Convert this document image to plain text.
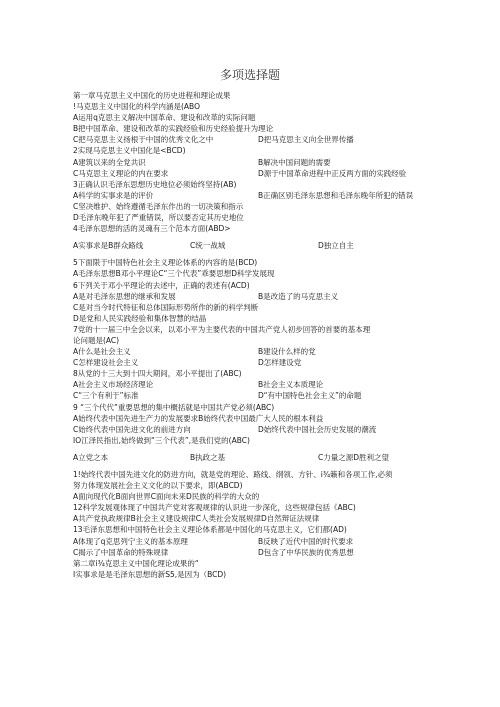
多项选择题
第一章马克思主义中国化的历史进程和理论成果
!马克思主义中国化的科学内涵是(ABO
A运用q克思主义解决中国革命、建设和改革的实际问题
B把中国革命、建设和改革的实践经验和历史经验提升为理论
C把马克思主义扬根于中国的优秀文化之中	D把马克思主义向全世界传播
2实现马克思主义中国化是<BCD)
A建筑以来的全党共识	B解决中国问题的需要
C马克思主义理论的内在要求	D源于中国革命进程中正反两方面的实践经验
3正确认识毛泽东思想历史地位必须始终坚持(AB)
A科学的实事求是的评价	B正确区别毛泽东思想和毛泽东晚年所犯的错误
C坚决维护、始终遵循毛泽东作出的一切决策和指示
D毛泽东晚年犯了严重错误，所以要否定其历史地位
4毛泽东思想的活的灵魂有三个范本方面(ABD>
A实事求是B群众路线	C统一战城	D独立自主
5下面限于中国特色社会主义理论体系的内容的是(BCD)
A毛泽东思想B邓小平理论C“三个代表”乖要思想D科学发展现
6下列关于邓小平理论的去述中，正确的表述有(ACD)
A是对毛泽东思想的继承和发展	B是改造了的马克思主义
C是对当今时代特征和总体国际形势所作的新的科学判断
D是党和人民实践经验和集体智慧的结晶
7党的十一届三中全会以来，以邓小平为主要代表的中国共产党人初步回答的首要的基本理
论问题是(AC)
A什么是社会主义	B建设什么样的党
C怎样建设社会主义	D怎样建设党
8从党的十三大到十四大期间，邓小平提出了(ABC)
A社会主义市场经济理论	B社会主义本质理论
C“三个有利于”标准	D“有中国特色社会主义”的命题
9 “三个代代”重要思想的集中概括就是中国共产党必须(ABC)
A始终代表中国先进生产力的发展要求B始终代表中国最广大人民的根本利益
C始终代表中国先进文化的前进方向	D始终代表中国社会历史发展的潮流
IO江泽民指出,始终做到“三个代表”,是我们党的(ABC)
A立党之本	B执政之基	C力量之源D胜利之望
1!始终代表中国先进文化的防进方向，就是党的理论、路线、纲领、方针、i¾籁和各项工作,必须
努力体现发展社会主义文化的以下要求，即(ABCD)
A面向现代化B面向世界C面向未来D民族的科学的大众的
12科学发展观体现了中国共产党对客观规律的认识进一步深化，这些规律包括《ABC)
A共产党执政规律B社会主义建设规律C人类社会发展规律D自然辩证法规律
13毛泽东思想和中国特色社会主义理论体系都是中国化的马克思主义，它们都(AD)
A体现了q克思列宁主义的基本原理	B反映了近代中国的时代要求
C揭示了中国革命的特殊规律	D包含了中华民族的优秀思想
第二章i¾克思主义中国化理论成果的“
I实事求是是毛泽东思想的新S5,是因为（BCD)
